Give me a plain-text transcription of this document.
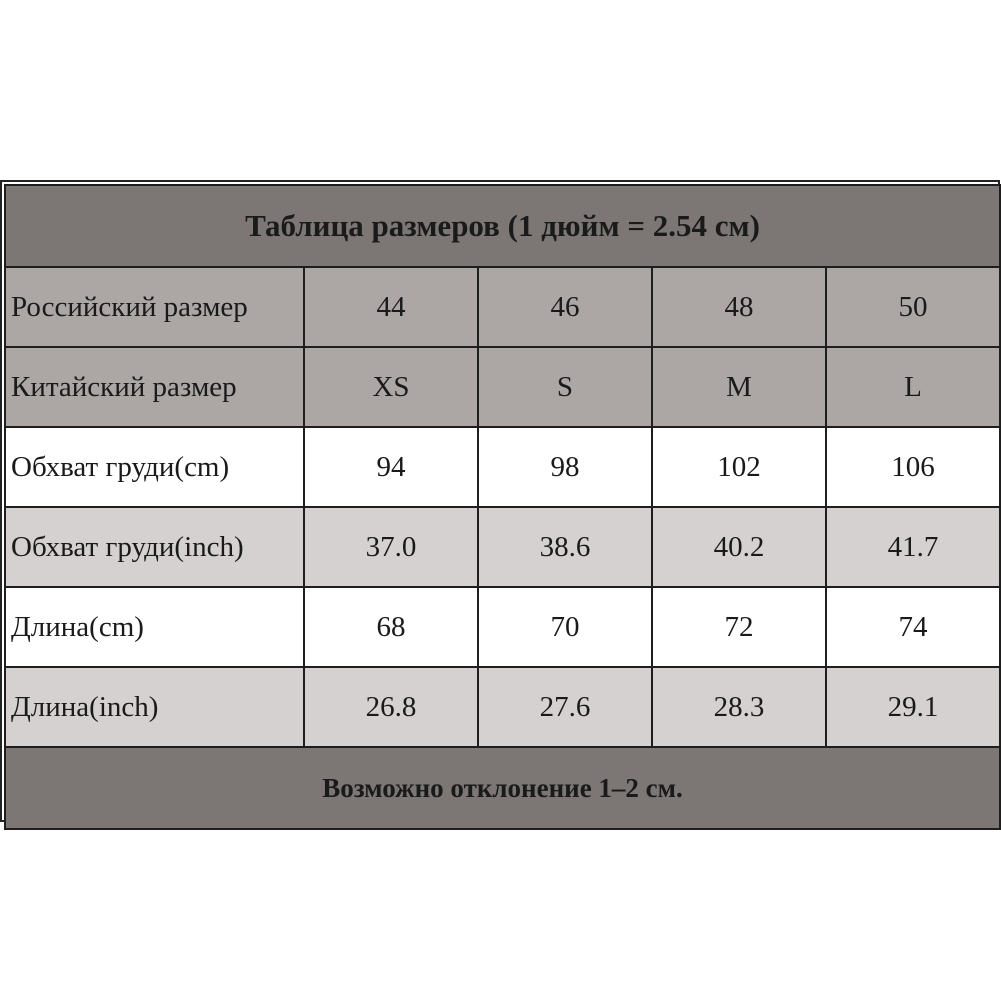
Таблица размеров (1 дюйм = 2.54 см)				
Российский размер	44	46	48	50
Китайский размер	XS	S	M	L
Обхват груди(cm)	94	98	102	106
Обхват груди(inch)	37.0	38.6	40.2	41.7
Длина(cm)	68	70	72	74
Длина(inch)	26.8	27.6	28.3	29.1
Возможно отклонение 1–2 см.				
